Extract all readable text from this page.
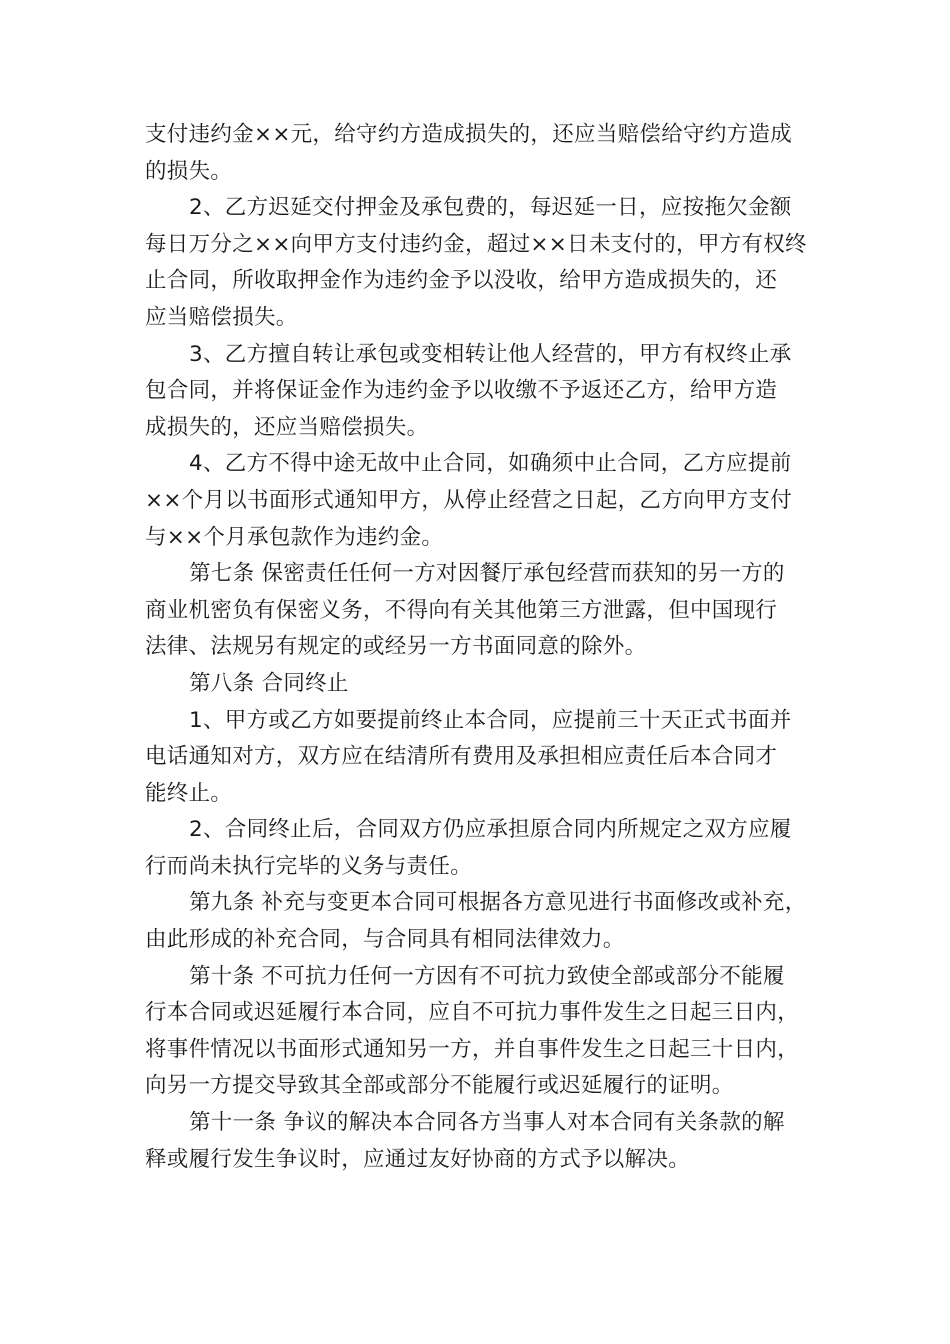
支付违约金××元，给守约方造成损失的，还应当赔偿给守约方造成
的损失。
2、乙方迟延交付押金及承包费的，每迟延一日，应按拖欠金额
每日万分之××向甲方支付违约金，超过××日未支付的，甲方有权终
止合同，所收取押金作为违约金予以没收，给甲方造成损失的，还
应当赔偿损失。
3、乙方擅自转让承包或变相转让他人经营的，甲方有权终止承
包合同，并将保证金作为违约金予以收缴不予返还乙方，给甲方造
成损失的，还应当赔偿损失。
4、乙方不得中途无故中止合同，如确须中止合同，乙方应提前
××个月以书面形式通知甲方，从停止经营之日起，乙方向甲方支付
与××个月承包款作为违约金。
第七条 保密责任任何一方对因餐厅承包经营而获知的另一方的
商业机密负有保密义务，不得向有关其他第三方泄露，但中国现行
法律、法规另有规定的或经另一方书面同意的除外。
第八条 合同终止
1、甲方或乙方如要提前终止本合同，应提前三十天正式书面并
电话通知对方，双方应在结清所有费用及承担相应责任后本合同才
能终止。
2、合同终止后，合同双方仍应承担原合同内所规定之双方应履
行而尚未执行完毕的义务与责任。
第九条 补充与变更本合同可根据各方意见进行书面修改或补充，
由此形成的补充合同，与合同具有相同法律效力。
第十条 不可抗力任何一方因有不可抗力致使全部或部分不能履
行本合同或迟延履行本合同，应自不可抗力事件发生之日起三日内，
将事件情况以书面形式通知另一方，并自事件发生之日起三十日内，
向另一方提交导致其全部或部分不能履行或迟延履行的证明。
第十一条 争议的解决本合同各方当事人对本合同有关条款的解
释或履行发生争议时，应通过友好协商的方式予以解决。
